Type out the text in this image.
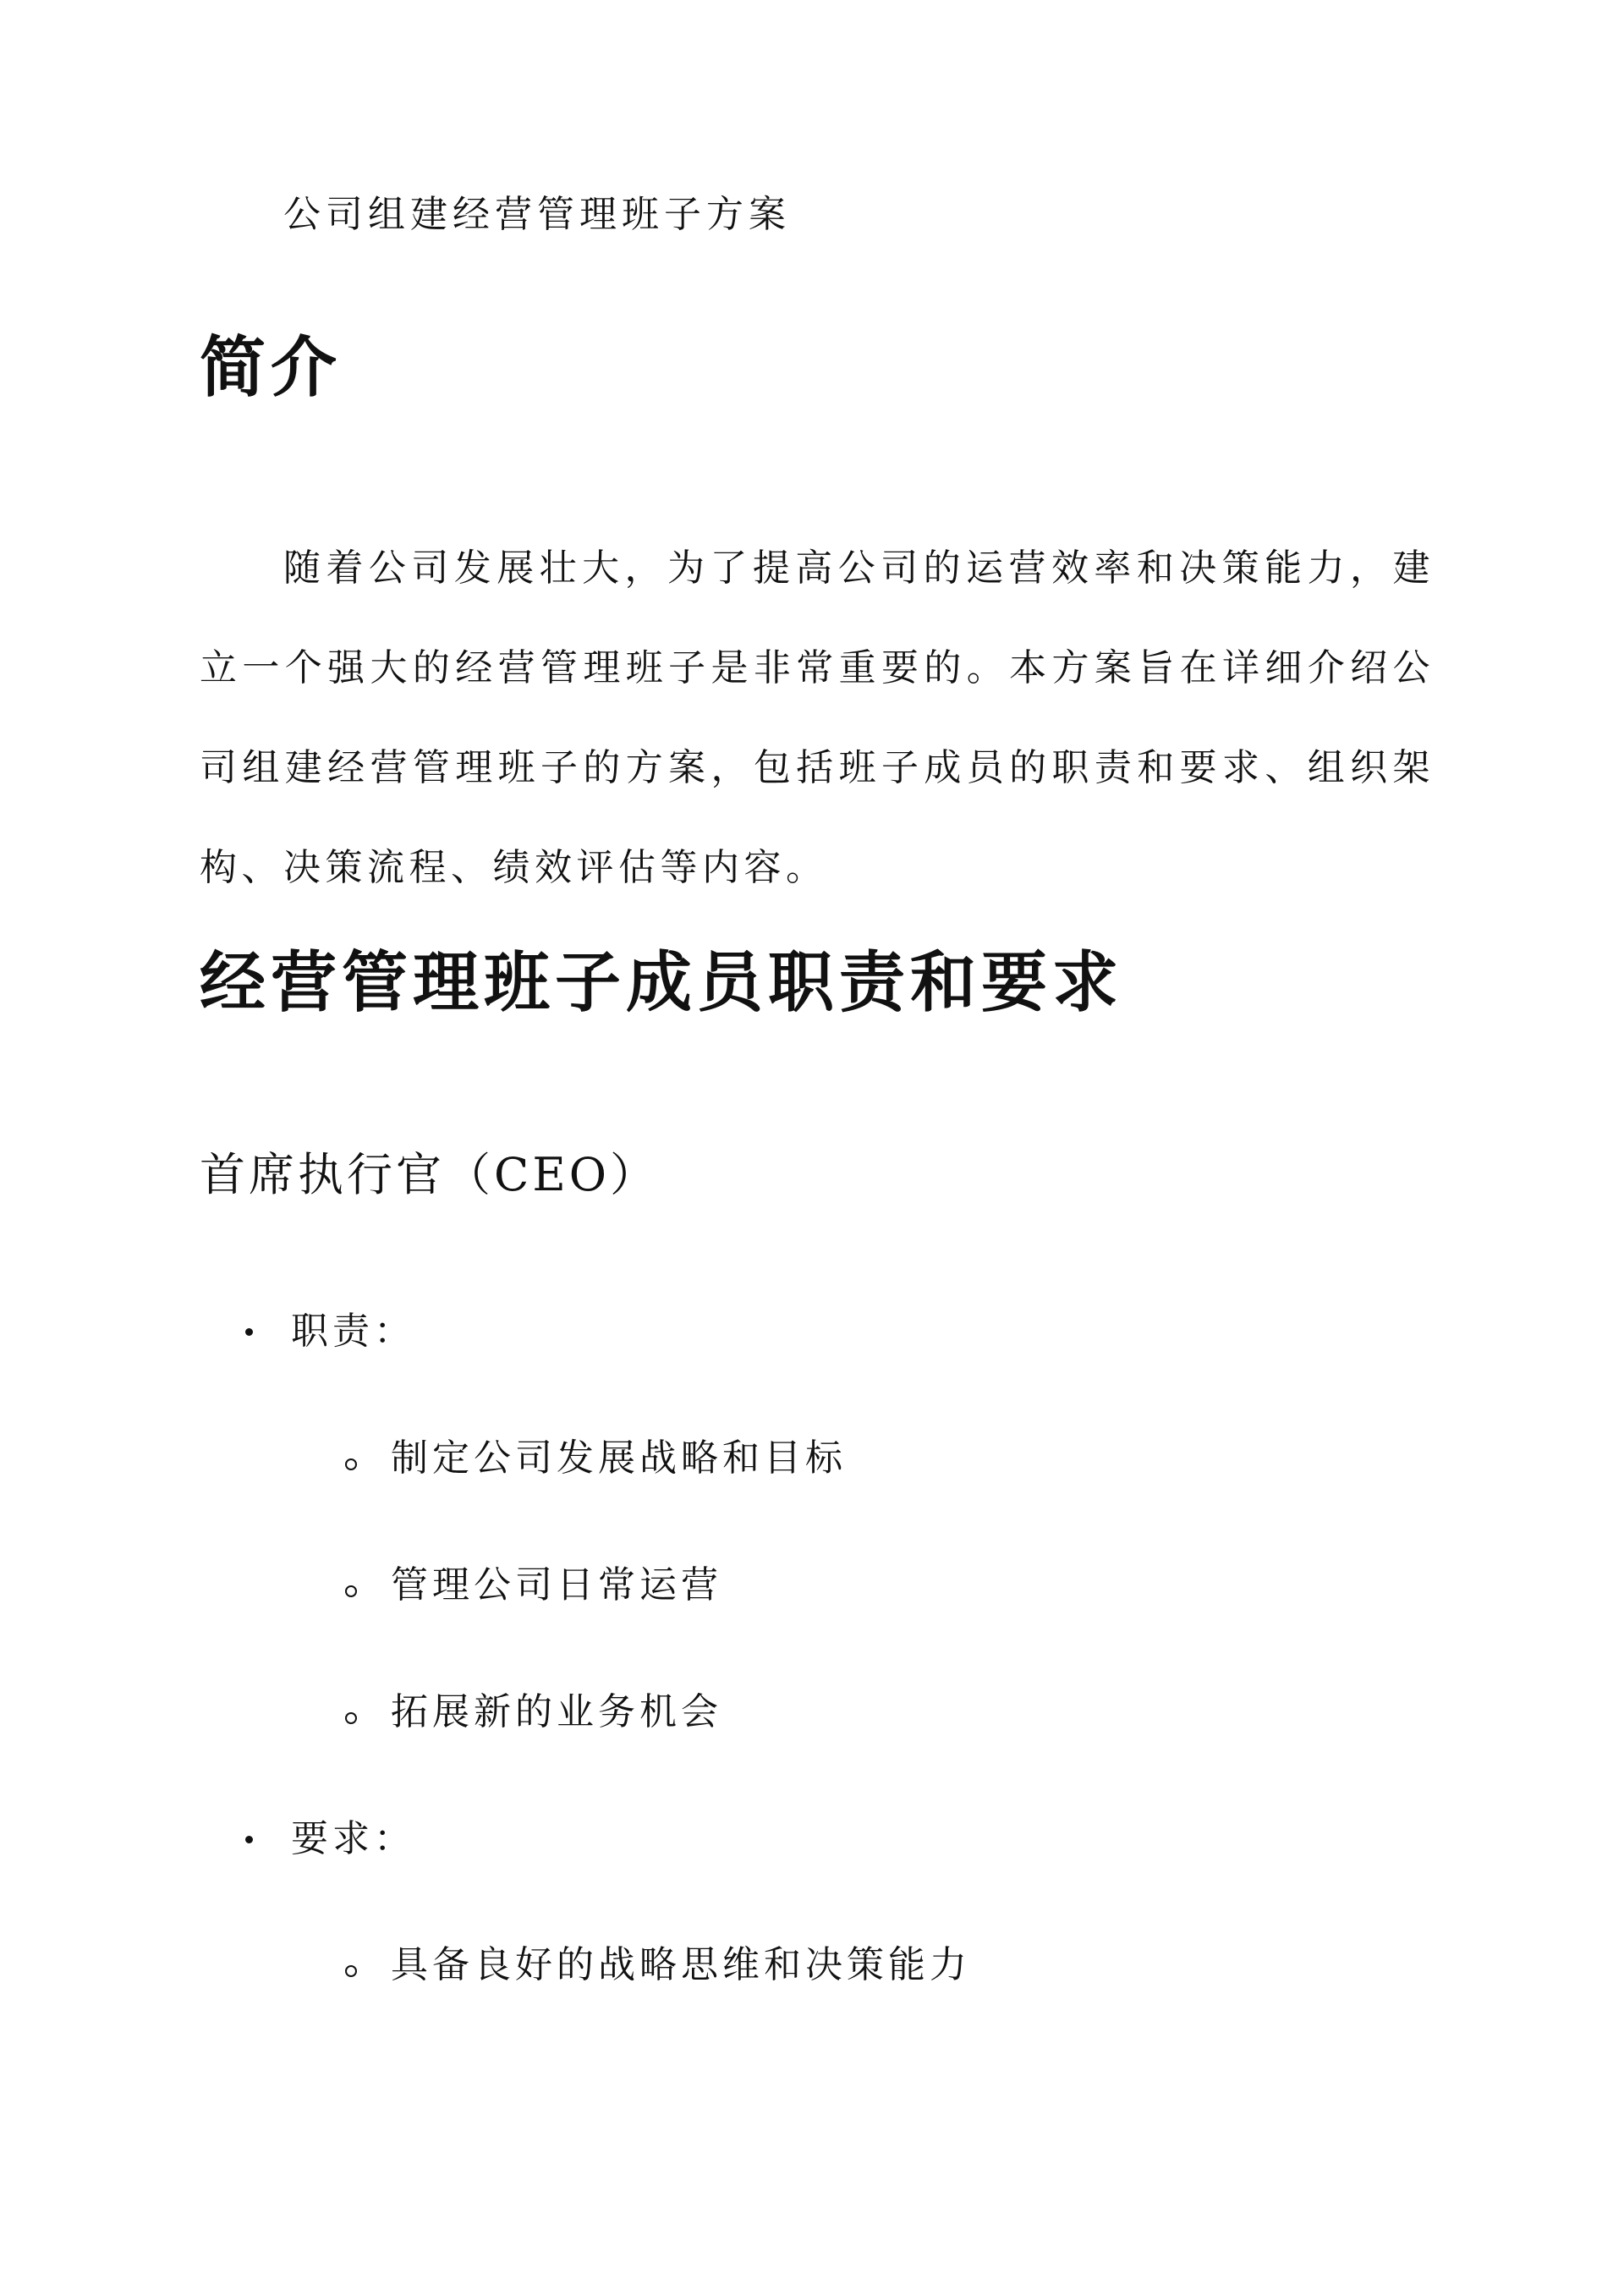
公司组建经营管理班子方案
简介

随着公司发展壮大，为了提高公司的运营效率和决策能力，建立一个强大的经营管理班子是非常重要的。本方案旨在详细介绍公司组建经营管理班子的方案，包括班子成员的职责和要求、组织架构、决策流程、绩效评估等内容。

经营管理班子成员职责和要求
首席执行官（CEO）
职责：
制定公司发展战略和目标
管理公司日常运营
拓展新的业务机会
要求：
具备良好的战略思维和决策能力
